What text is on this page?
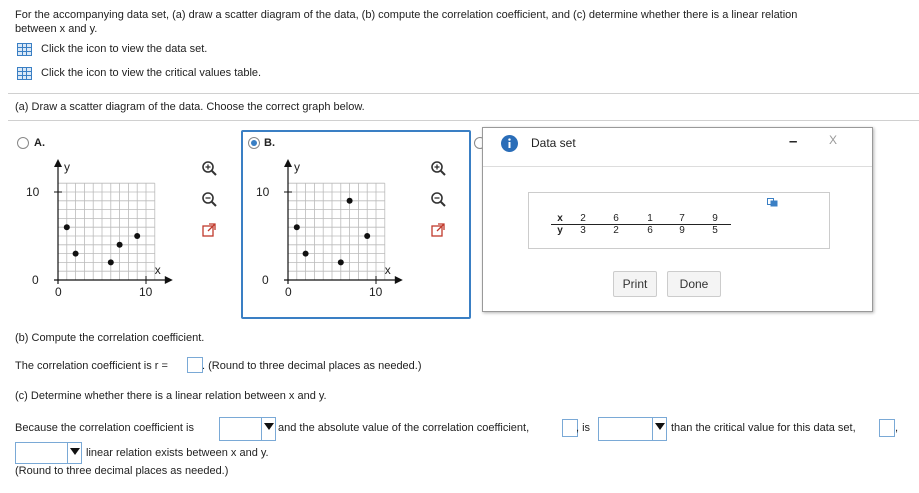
For the accompanying data set, (a) draw a scatter diagram of the data, (b) compute the correlation coefficient, and (c) determine whether there is a linear relation
between x and y.
Click the icon to view the data set.
Click the icon to view the critical values table.
(a) Draw a scatter diagram of the data. Choose the correct graph below.
A.
y
10
0
x
0	10
B.
y
10
0
x
0	10
Data set	–	X
x	2	6	1	7	9
y	3	2	6	9	5
Print	Done
(b) Compute the correlation coefficient.
The correlation coefficient is r =	. (Round to three decimal places as needed.)
(c) Determine whether there is a linear relation between x and y.
Because the correlation coefficient is	and the absolute value of the correlation coefficient,	, is	than the critical value for this data set,	,
linear relation exists between x and y.
(Round to three decimal places as needed.)
